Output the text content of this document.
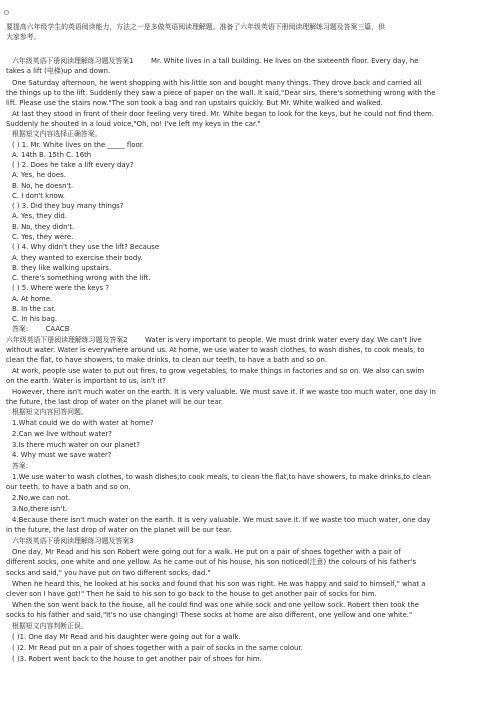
要提高六年级学生的英语阅读能力，方法之一是多做英语阅读理解题。准备了六年级英语下册阅读理解练习题及答案三篇，供
大家参考。
六年级英语下册阅读理解练习题及答案1        Mr. White lives in a tall building. He lives on the sixteenth floor. Every day, he
takes a lift (电梯)up and down.
One Saturday afternoon, he went shopping with his little son and bought many things. They drove back and carried all
the things up to the lift. Suddenly they saw a piece of paper on the wall. It said,"Dear sirs, there's something wrong with the
lift. Please use the stairs now."The son took a bag and ran upstairs quickly. But Mr. White walked and walked.
At last they stood in front of their door feeling very tired. Mr. White began to look for the keys, but he could not find them.
Suddenly he shouted in a loud voice,"Oh, no! I've left my keys in the car."
根据短文内容选择正确答案。
( ) 1. Mr. White lives on the _____ floor.
A. 14th B. 15th C. 16th
( ) 2. Does he take a lift every day?
A. Yes, he does.
B. No, he doesn't.
C. I don't know.
( ) 3. Did they buy many things?
A. Yes, they did.
B. No, they didn't.
C. Yes, they were.
( ) 4. Why didn't they use the lift? Because
A. they wanted to exercise their body.
B. they like walking upstairs.
C. there's something wrong with the lift.
( ) 5. Where were the keys ?
A. At home.
B. In the car.
C. In his bag.
答案:        CAACB
六年级英语下册阅读理解练习题及答案2        Water is very important to people. We must drink water every day. We can't live
without water. Water is everywhere around us. At home, we use water to wash clothes, to wash dishes, to cook meals, to
clean the flat, to have showers, to make drinks, to clean our teeth, to have a bath and so on.
At work, people use water to put out fires, to grow vegetables, to make things in factories and so on. We also can swim
on the earth. Water is important to us, isn't it?
However, there isn't much water on the earth. It is very valuable. We must save it. If we waste too much water, one day in
the future, the last drop of water on the planet will be our tear.
根据短文内容回答问题。
1.What could we do with water at home?
2.Can we live without water?
3.Is there much water on our planet?
4. Why must we save water?
答案:
1.We use water to wash clothes, to wash dishes,to cook meals, to clean the flat,to have showers, to make drinks,to clean
our teeth, to have a bath and so on.
2.No,we can not.
3.No,there isn't.
4.Because there isn't much water on the earth. It is very valuable. We must save it. If we waste too much water, one day
in the future, the last drop of water on the planet will be our tear.
六年级英语下册阅读理解练习题及答案3
One day, Mr Read and his son Robert were going out for a walk. He put on a pair of shoes together with a pair of
different socks, one white and one yellow. As he came out of his house, his son noticed(注意) the colours of his father's
socks and said," you have put on two different socks, dad."
When he heard this, he looked at his socks and found that his son was right. He was happy and said to himself," what a
clever son I have got!" Then he said to his son to go back to the house to get another pair of socks for him.
When the son went back to the house, all he could find was one while sock and one yellow sock. Robert then took the
socks to his father and said,"It's no use changing! These socks at home are also different, one yellow and one white."
根据短文内容判断正误。
( )1. One day Mr Read and his daughter were going out for a walk.
( )2. Mr Read put on a pair of shoes together with a pair of socks in the same colour.
( )3. Robert went back to the house to get another pair of shoes for him.
